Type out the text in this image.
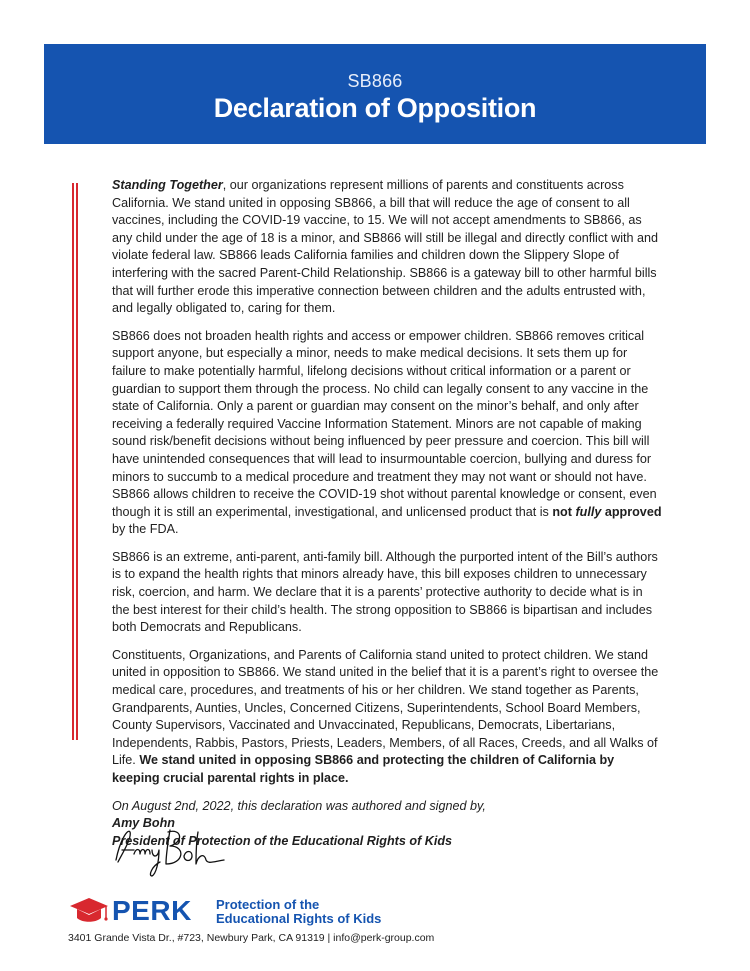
SB866
Declaration of Opposition

Standing Together, our organizations represent millions of parents and constituents across California. We stand united in opposing SB866, a bill that will reduce the age of consent to all vaccines, including the COVID-19 vaccine, to 15. We will not accept amendments to SB866, as any child under the age of 18 is a minor, and SB866 will still be illegal and directly conflict with and violate federal law. SB866 leads California families and children down the Slippery Slope of interfering with the sacred Parent-Child Relationship. SB866 is a gateway bill to other harmful bills that will further erode this imperative connection between children and the adults entrusted with, and legally obligated to, caring for them.

SB866 does not broaden health rights and access or empower children. SB866 removes critical support anyone, but especially a minor, needs to make medical decisions. It sets them up for failure to make potentially harmful, lifelong decisions without critical information or a parent or guardian to support them through the process. No child can legally consent to any vaccine in the state of California. Only a parent or guardian may consent on the minor’s behalf, and only after receiving a federally required Vaccine Information Statement. Minors are not capable of making sound risk/benefit decisions without being influenced by peer pressure and coercion. This bill will have unintended consequences that will lead to insurmountable coercion, bullying and duress for minors to succumb to a medical procedure and treatment they may not want or should not have. SB866 allows children to receive the COVID-19 shot without parental knowledge or consent, even though it is still an experimental, investigational, and unlicensed product that is not fully approved by the FDA.

SB866 is an extreme, anti-parent, anti-family bill. Although the purported intent of the Bill’s authors is to expand the health rights that minors already have, this bill exposes children to unnecessary risk, coercion, and harm. We declare that it is a parents’ protective authority to decide what is in the best interest for their child’s health. The strong opposition to SB866 is bipartisan and includes both Democrats and Republicans.

Constituents, Organizations, and Parents of California stand united to protect children. We stand united in opposition to SB866. We stand united in the belief that it is a parent’s right to oversee the medical care, procedures, and treatments of his or her children. We stand together as Parents, Grandparents, Aunties, Uncles, Concerned Citizens, Superintendents, School Board Members, County Supervisors, Vaccinated and Unvaccinated, Republicans, Democrats, Libertarians, Independents, Rabbis, Pastors, Priests, Leaders, Members, of all Races, Creeds, and all Walks of Life. We stand united in opposing SB866 and protecting the children of California by keeping crucial parental rights in place.

On August 2nd, 2022, this declaration was authored and signed by,
Amy Bohn
President of Protection of the Educational Rights of Kids

PERK Protection of the
Educational Rights of Kids
3401 Grande Vista Dr., #723, Newbury Park, CA 91319 | info@perk-group.com
